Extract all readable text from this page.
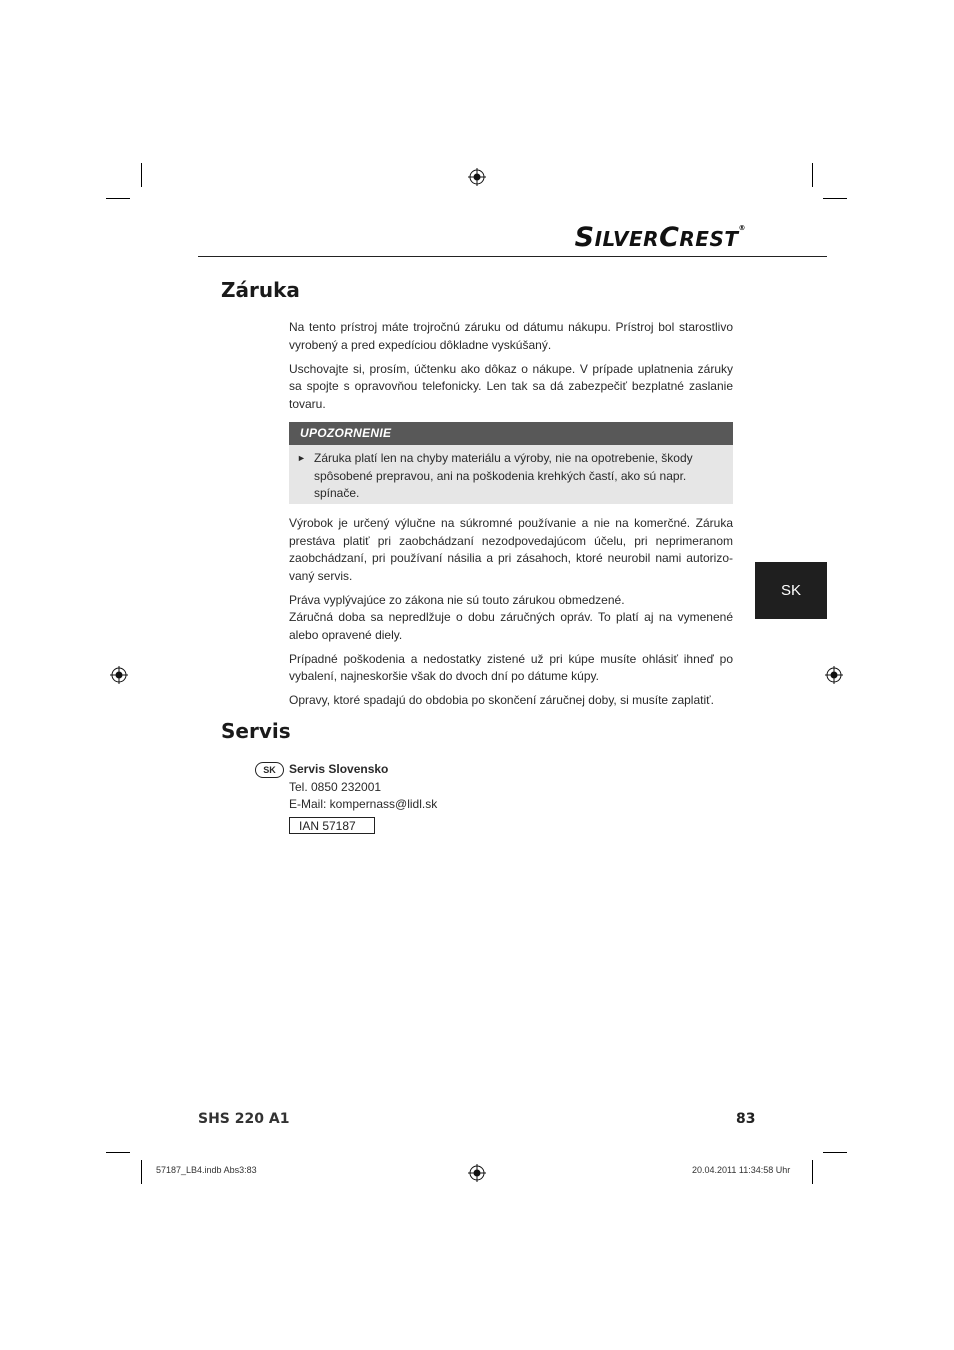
SILVERCREST®
Záruka

Na tento prístroj máte trojročnú záruku od dátumu nákupu. Prístroj bol starostlivo vyrobený a pred expedíciou dôkladne vyskúšaný.

Uschovajte si, prosím, účtenku ako dôkaz o nákupe. V prípade uplatnenia záruky sa spojte s opravovňou telefonicky. Len tak sa dá zabezpečiť bezplatné zaslanie tovaru.

UPOZORNENIE
► Záruka platí len na chyby materiálu a výroby, nie na opotrebenie, škody spôsobené prepravou, ani na poškodenia krehkých častí, ako sú napr. spínače.

Výrobok je určený výlučne na súkromné používanie a nie na komerčné. Záruka prestáva platiť pri zaobchádzaní nezodpovedajúcom účelu, pri neprimeranom zaobchádzaní, pri používaní násilia a pri zásahoch, ktoré neurobil nami autorizo-vaný servis.

Práva vyplývajúce zo zákona nie sú touto zárukou obmedzené.
Záručná doba sa nepredlžuje o dobu záručných opráv. To platí aj na vymenené alebo opravené diely.

Prípadné poškodenia a nedostatky zistené už pri kúpe musíte ohlásiť ihneď po vybalení, najneskoršie však do dvoch dní po dátume kúpy.

Opravy, ktoré spadajú do obdobia po skončení záručnej doby, si musíte zaplatiť.

SK
Servis
SK	Servis Slovensko
Tel. 0850 232001
E-Mail: kompernass@lidl.sk
IAN 57187
SHS 220 A1	83
57187_LB4.indb Abs3:83	20.04.2011 11:34:58 Uhr
